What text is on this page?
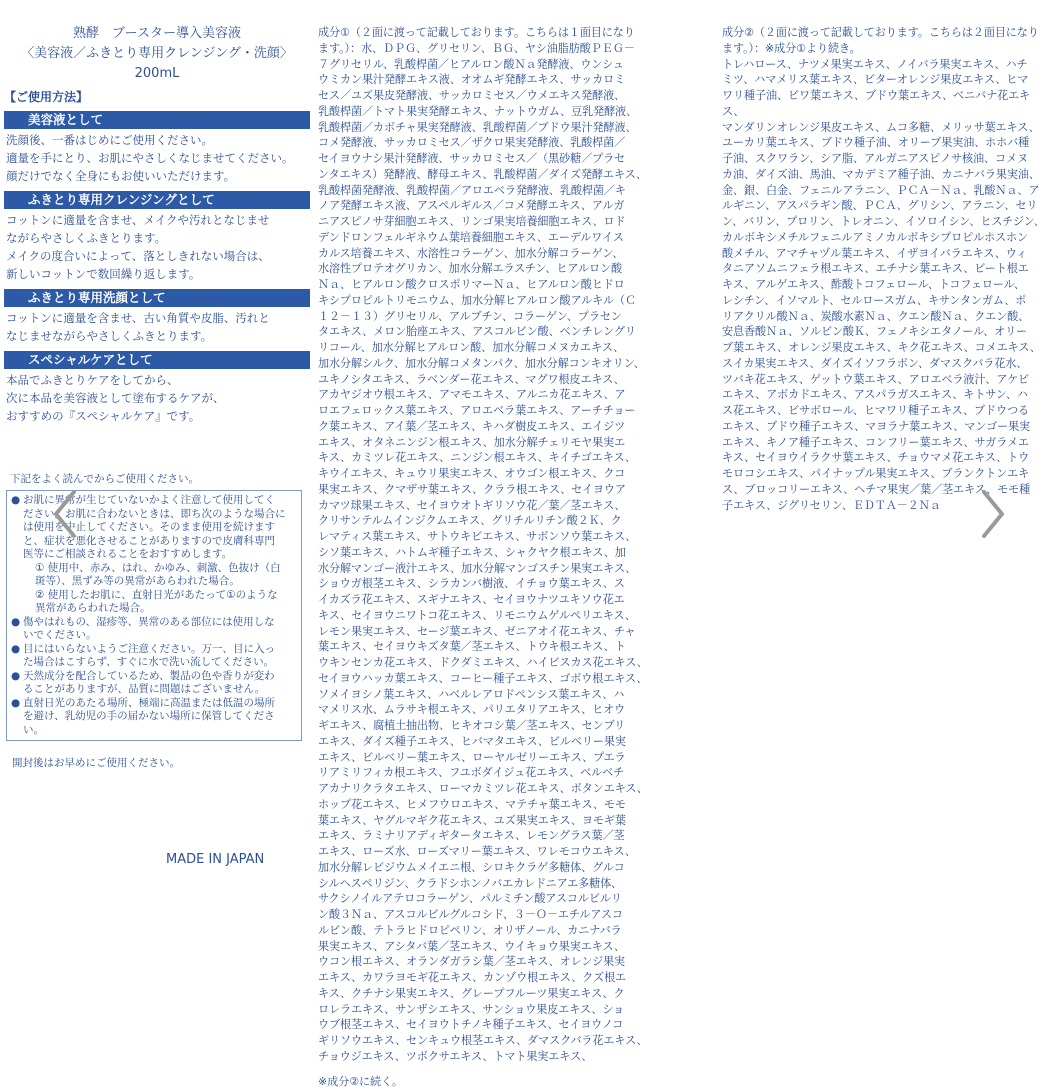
熟酵　ブースター導入美容液
〈美容液／ふきとり専用クレンジング・洗顔〉
200mL
【ご使用方法】
美容液として
洗顔後、一番はじめにご使用ください。
適量を手にとり、お肌にやさしくなじませてください。
顔だけでなく全身にもお使いいただけます。
ふきとり専用クレンジングとして
コットンに適量を含ませ、メイクや汚れとなじませ
ながらやさしくふきとります。
メイクの度合いによって、落としきれない場合は、
新しいコットンで数回繰り返します。
ふきとり専用洗顔として
コットンに適量を含ませ、古い角質や皮脂、汚れと
なじませながらやさしくふきとります。
スペシャルケアとして
本品でふきとりケアをしてから、
次に本品を美容液として塗布するケアが、
おすすめの『スペシャルケア』です。
下記をよく読んでからご使用ください。
● お肌に異常が生じていないかよく注意して使用してく
ださい。お肌に合わないときは、即ち次のような場合に
は使用を中止してください。そのまま使用を続けます
と、症状を悪化させることがありますので皮膚科専門
医等にご相談されることをおすすめします。
① 使用中、赤み、はれ、かゆみ、刺激、色抜け（白
斑等）、黒ずみ等の異常があらわれた場合。
② 使用したお肌に、直射日光があたって①のような
異常があらわれた場合。
● 傷やはれもの、湿疹等、異常のある部位には使用しな
いでください。
● 目にはいらないようご注意ください。万一、目に入っ
た場合はこすらず、すぐに水で洗い流してください。
● 天然成分を配合しているため、製品の色や香りが変わ
ることがありますが、品質に問題はございません。
● 直射日光のあたる場所、極端に高温または低温の場所
を避け、乳幼児の手の届かない場所に保管してくださ
い。
開封後はお早めにご使用ください。
MADE IN JAPAN
成分①（２面に渡って記載しております。こちらは１面目になり
ます。）：水、ＤＰＧ、グリセリン、ＢＧ、ヤシ油脂肪酸ＰＥＧ－
７グリセリル、乳酸桿菌／ヒアルロン酸Ｎａ発酵液、ウンシュ
ウミカン果汁発酵エキス液、オオムギ発酵エキス、サッカロミ
セス／ユズ果皮発酵液、サッカロミセス／ウメエキス発酵液、
乳酸桿菌／トマト果実発酵エキス、ナットウガム、豆乳発酵液、
乳酸桿菌／カボチャ果実発酵液、乳酸桿菌／ブドウ果汁発酵液、
コメ発酵液、サッカロミセス／ザクロ果実発酵液、乳酸桿菌／
セイヨウナシ果汁発酵液、サッカロミセス／（黒砂糖／プラセ
ンタエキス）発酵液、酵母エキス、乳酸桿菌／ダイズ発酵エキス、
乳酸桿菌発酵液、乳酸桿菌／アロエベラ発酵液、乳酸桿菌／キ
ノア発酵エキス液、アスペルギルス／コメ発酵エキス、アルガ
ニアスピノサ芽細胞エキス、リンゴ果実培養細胞エキス、ロド
デンドロンフェルギネウム葉培養細胞エキス、エーデルワイス
カルス培養エキス、水溶性コラーゲン、加水分解コラーゲン、
水溶性プロテオグリカン、加水分解エラスチン、ヒアルロン酸
Ｎａ、ヒアルロン酸クロスポリマーＮａ、ヒアルロン酸ヒドロ
キシプロピルトリモニウム、加水分解ヒアルロン酸アルキル（Ｃ
１２－１３）グリセリル、アルブチン、コラーゲン、プラセン
タエキス、メロン胎座エキス、アスコルビン酸、ベンチレングリ
リコール、加水分解ヒアルロン酸、加水分解コメヌカエキス、
加水分解シルク、加水分解コメタンパク、加水分解コンキオリン、
ユキノシタエキス、ラベンダー花エキス、マグワ根皮エキス、
アカヤジオウ根エキス、アマモエキス、アルニカ花エキス、ア
ロエフェロックス葉エキス、アロエベラ葉エキス、アーチチョー
ク葉エキス、アイ葉／茎エキス、キハダ樹皮エキス、エイジツ
エキス、オタネニンジン根エキス、加水分解チェリモヤ果実エ
キス、カミツレ花エキス、ニンジン根エキス、キイチゴエキス、
キウイエキス、キュウリ果実エキス、オウゴン根エキス、クコ
果実エキス、クマザサ葉エキス、クララ根エキス、セイヨウア
カマツ球果エキス、セイヨウオトギリソウ花／葉／茎エキス、
クリサンテルムインジクムエキス、グリチルリチン酸２Ｋ、ク
レマティス葉エキス、サトウキビエキス、サボンソウ葉エキス、
シソ葉エキス、ハトムギ種子エキス、シャクヤク根エキス、加
水分解マンゴー液汁エキス、加水分解マンゴスチン果実エキス、
ショウガ根茎エキス、シラカンバ樹液、イチョウ葉エキス、ス
イカズラ花エキス、スギナエキス、セイヨウナツユキソウ花エ
キス、セイヨウニワトコ花エキス、リモニウムゲルペリエキス、
レモン果実エキス、セージ葉エキス、ゼニアオイ花エキス、チャ
葉エキス、セイヨウキズタ葉／茎エキス、トウキ根エキス、ト
ウキンセンカ花エキス、ドクダミエキス、ハイビスカス花エキス、
セイヨウハッカ葉エキス、コーヒー種子エキス、ゴボウ根エキス、
ソメイヨシノ葉エキス、ハベルレアロドペンシス葉エキス、ハ
マメリス水、ムラサキ根エキス、パリエタリアエキス、ヒオウ
ギエキス、腐植土抽出物、ヒキオコシ葉／茎エキス、センブリ
エキス、ダイズ種子エキス、ヒバマタエキス、ビルベリー果実
エキス、ビルベリー葉エキス、ローヤルゼリーエキス、プエラ
リアミリフィカ根エキス、フユボダイジュ花エキス、ベルベチ
アカナリクラタエキス、ローマカミツレ花エキス、ボタンエキス、
ホップ花エキス、ヒメフウロエキス、マテチャ葉エキス、モモ
葉エキス、ヤグルマギク花エキス、ユズ果実エキス、ヨモギ葉
エキス、ラミナリアディギタータエキス、レモングラス葉／茎
エキス、ローズ水、ローズマリー葉エキス、ワレモコウエキス、
加水分解レビジウムメイエニ根、シロキクラゲ多糖体、グルコ
シルヘスペリジン、クラドシホンノバエカレドニアエ多糖体、
サクシノイルアテロコラーゲン、パルミチン酸アスコルビルリ
ン酸３Ｎａ、アスコルビルグルコシド、３－Ｏ－エチルアスコ
ルビン酸、テトラヒドロピペリン、オリザノール、カニナバラ
果実エキス、アシタバ葉／茎エキス、ウイキョウ果実エキス、
ウコン根エキス、オランダガラシ葉／茎エキス、オレンジ果実
エキス、カワラヨモギ花エキス、カンゾウ根エキス、クズ根エ
キス、クチナシ果実エキス、グレープフルーツ果実エキス、ク
ロレラエキス、サンザシエキス、サンショウ果皮エキス、ショ
ウブ根茎エキス、セイヨウトチノキ種子エキス、セイヨウノコ
ギリソウエキス、センキュウ根茎エキス、ダマスクバラ花エキス、
チョウジエキス、ツボクサエキス、トマト果実エキス、
※成分②に続く。
成分②（２面に渡って記載しております。こちらは２面目になり
ます。）：※成分①より続き。
トレハロース、ナツメ果実エキス、ノイバラ果実エキス、ハチ
ミツ、ハマメリス葉エキス、ビターオレンジ果皮エキス、ヒマ
ワリ種子油、ビワ葉エキス、ブドウ葉エキス、ベニバナ花エキス、
マンダリンオレンジ果皮エキス、ムコ多糖、メリッサ葉エキス、
ユーカリ葉エキス、ブドウ種子油、オリーブ果実油、ホホバ種
子油、スクワラン、シア脂、アルガニアスピノサ核油、コメヌ
カ油、ダイズ油、馬油、マカデミア種子油、カニナバラ果実油、
金、銀、白金、フェニルアラニン、ＰＣＡ－Ｎａ、乳酸Ｎａ、ア
ルギニン、アスパラギン酸、ＰＣＡ、グリシン、アラニン、セリ
ン、バリン、プロリン、トレオニン、イソロイシン、ヒスチジン、
カルボキシメチルフェニルアミノカルボキシプロピルホスホン
酸メチル、アマチャヅル葉エキス、イザヨイバラエキス、ウィ
タニアソムニフェラ根エキス、エチナシ葉エキス、ビート根エ
キス、アルゲエキス、酢酸トコフェロール、トコフェロール、
レシチン、イソマルト、セルロースガム、キサンタンガム、ポ
リアクリル酸Ｎａ、炭酸水素Ｎａ、クエン酸Ｎａ、クエン酸、
安息香酸Ｎａ、ソルビン酸Ｋ、フェノキシエタノール、オリー
ブ葉エキス、オレンジ果皮エキス、キク花エキス、コメエキス、
スイカ果実エキス、ダイズイソフラボン、ダマスクバラ花水、
ツバキ花エキス、ゲットウ葉エキス、アロエベラ液汁、アケビ
エキス、アボカドエキス、アスパラガスエキス、キトサン、ハ
ス花エキス、ビサボロール、ヒマワリ種子エキス、ブドウつる
エキス、ブドウ種子エキス、マヨラナ葉エキス、マンゴー果実
エキス、キノア種子エキス、コンフリー葉エキス、サガラメエ
キス、セイヨウイラクサ葉エキス、チョウマメ花エキス、トウ
モロコシエキス、パイナップル果実エキス、ブランクトンエキ
ス、ブロッコリーエキス、ヘチマ果実／葉／茎エキス、モモ種
子エキス、ジグリセリン、ＥＤＴＡ－２Ｎａ
